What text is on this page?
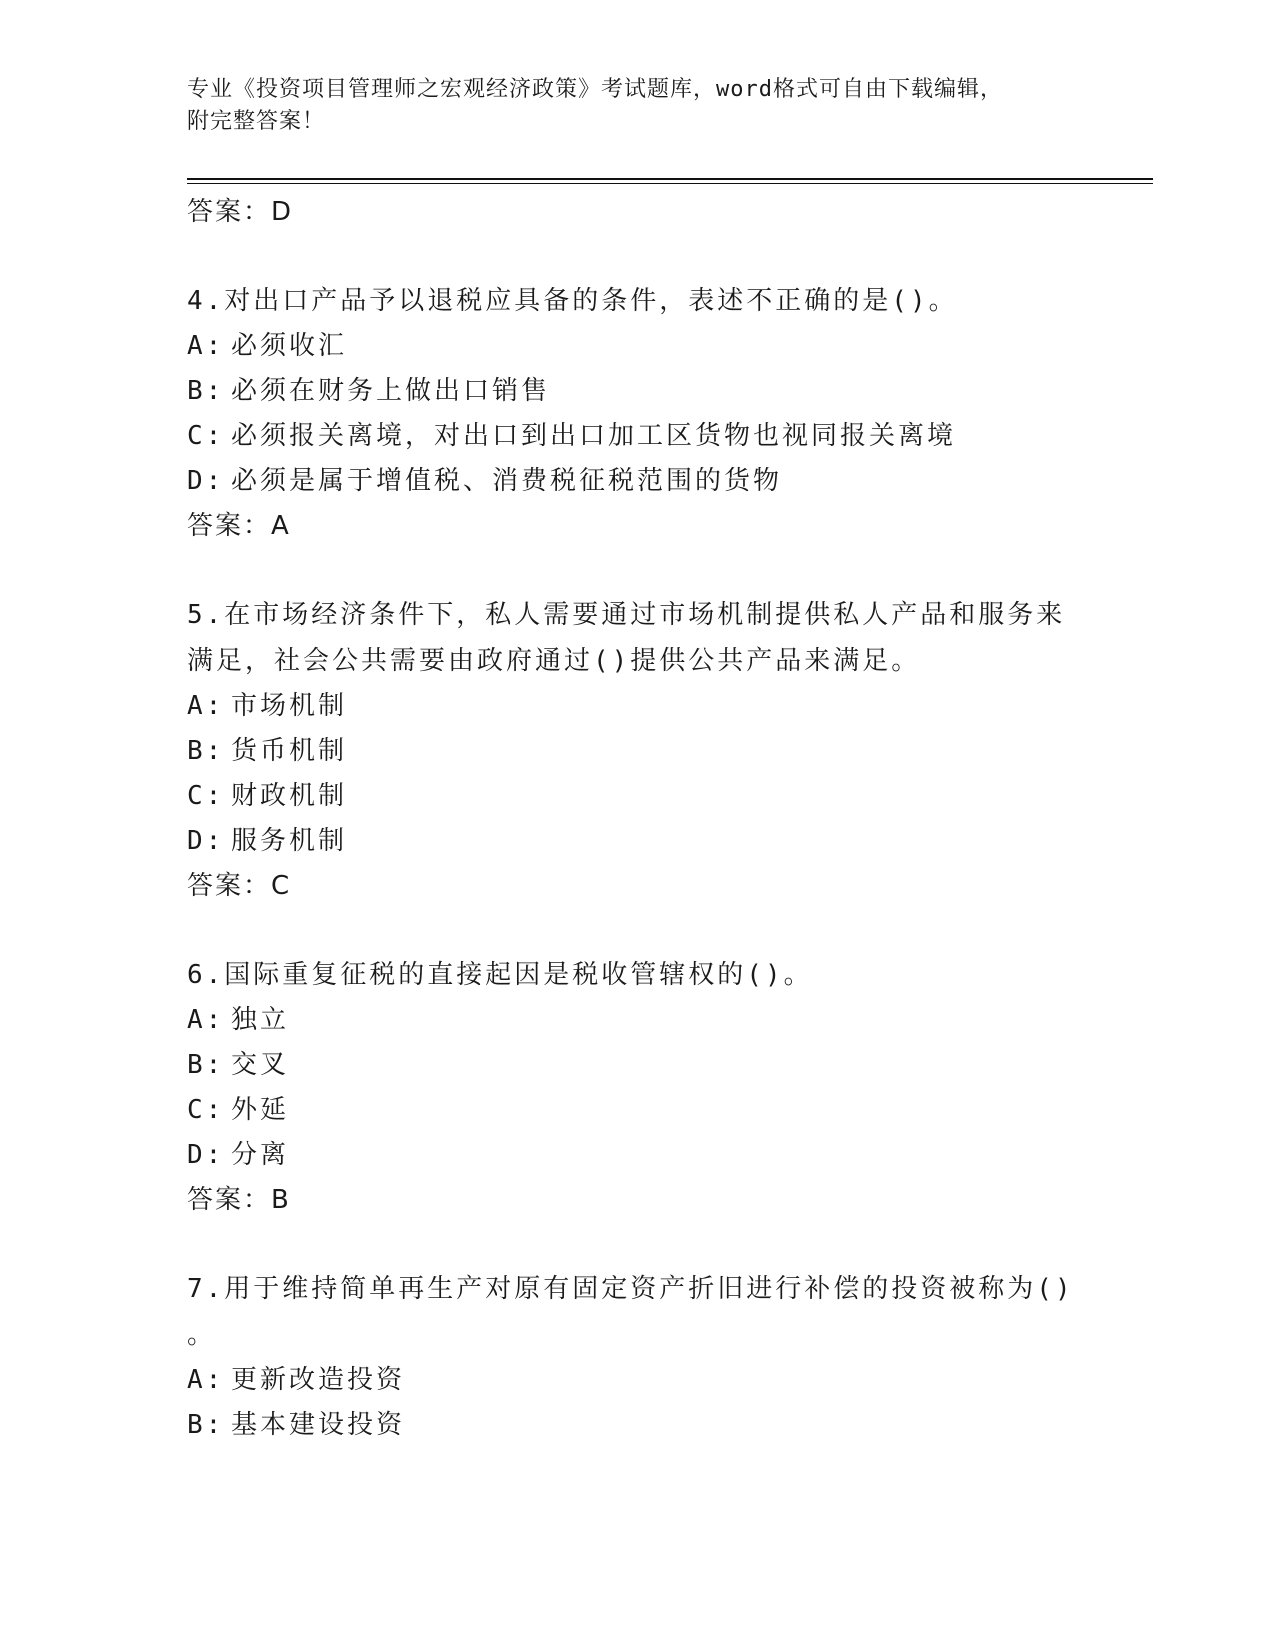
专业《投资项目管理师之宏观经济政策》考试题库，word格式可自由下载编辑，
附完整答案！

答案：D

4.对出口产品予以退税应具备的条件，表述不正确的是()。

A: 必须收汇

B: 必须在财务上做出口销售

C: 必须报关离境，对出口到出口加工区货物也视同报关离境

D: 必须是属于增值税、消费税征税范围的货物

答案：A

5.在市场经济条件下，私人需要通过市场机制提供私人产品和服务来

满足，社会公共需要由政府通过()提供公共产品来满足。

A: 市场机制

B: 货币机制

C: 财政机制

D: 服务机制

答案：C

6.国际重复征税的直接起因是税收管辖权的()。

A: 独立

B: 交叉

C: 外延

D: 分离

答案：B

7.用于维持简单再生产对原有固定资产折旧进行补偿的投资被称为()

。

A: 更新改造投资

B: 基本建设投资
